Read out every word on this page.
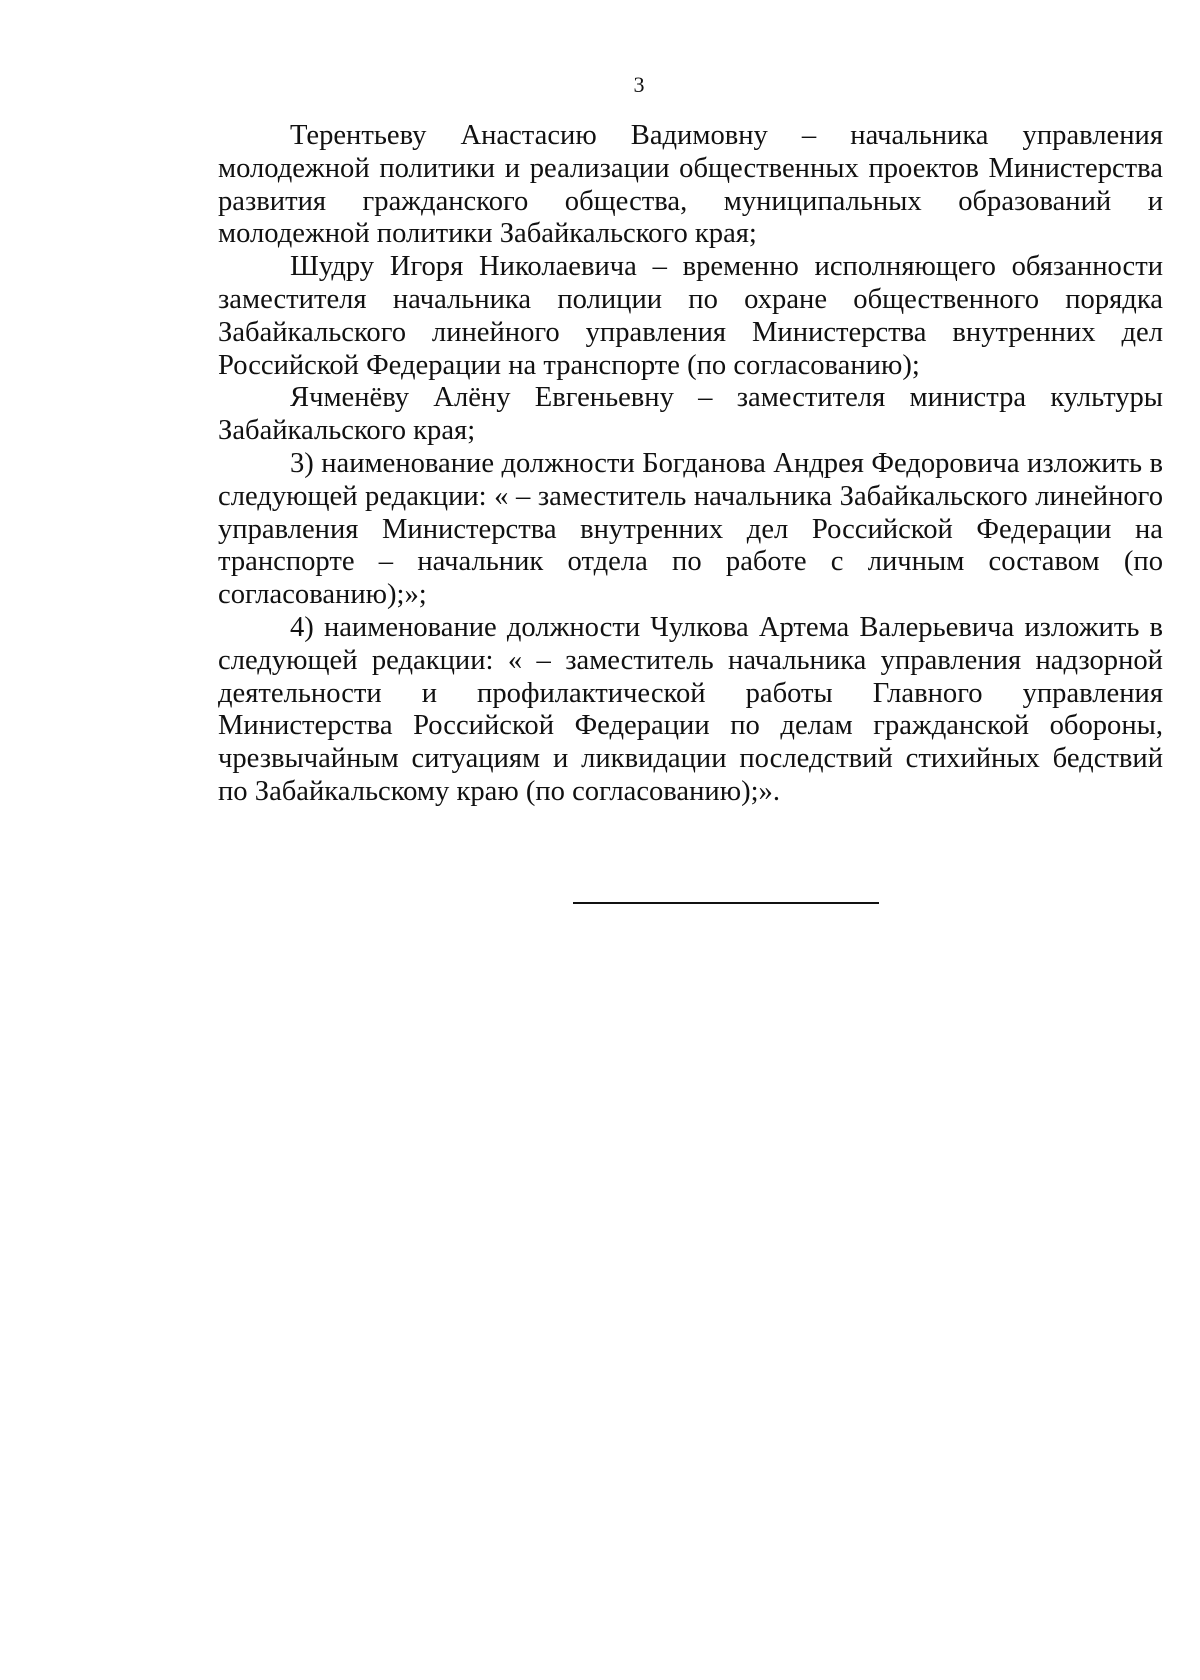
3

Терентьеву Анастасию Вадимовну – начальника управления молодежной политики и реализации общественных проектов Министерства развития гражданского общества, муниципальных образований и молодежной политики Забайкальского края;

Шудру Игоря Николаевича – временно исполняющего обязанности заместителя начальника полиции по охране общественного порядка Забайкальского линейного управления Министерства внутренних дел Российской Федерации на транспорте (по согласованию);

Ячменёву Алёну Евгеньевну – заместителя министра культуры Забайкальского края;

3) наименование должности Богданова Андрея Федоровича изложить в следующей редакции: « – заместитель начальника Забайкальского линейного управления Министерства внутренних дел Российской Федерации на транспорте – начальник отдела по работе с личным составом (по согласованию);»;

4) наименование должности Чулкова Артема Валерьевича изложить в следующей редакции: « – заместитель начальника управления надзорной деятельности и профилактической работы Главного управления Министерства Российской Федерации по делам гражданской обороны, чрезвычайным ситуациям и ликвидации последствий стихийных бедствий по Забайкальскому краю (по согласованию);».
